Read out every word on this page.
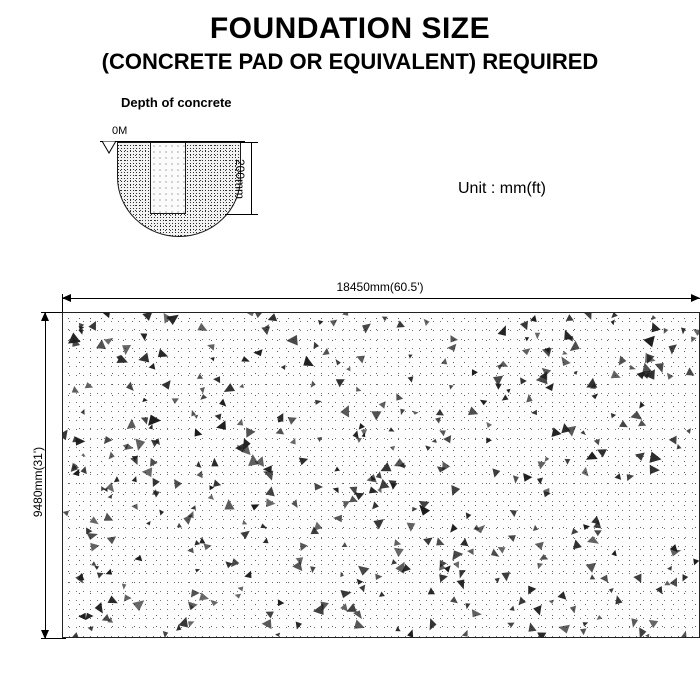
FOUNDATION SIZE
(CONCRETE PAD OR EQUIVALENT) REQUIRED
Depth of concrete
0M
200mm	Unit : mm(ft)
18450mm(60.5')
9480mm(31')
